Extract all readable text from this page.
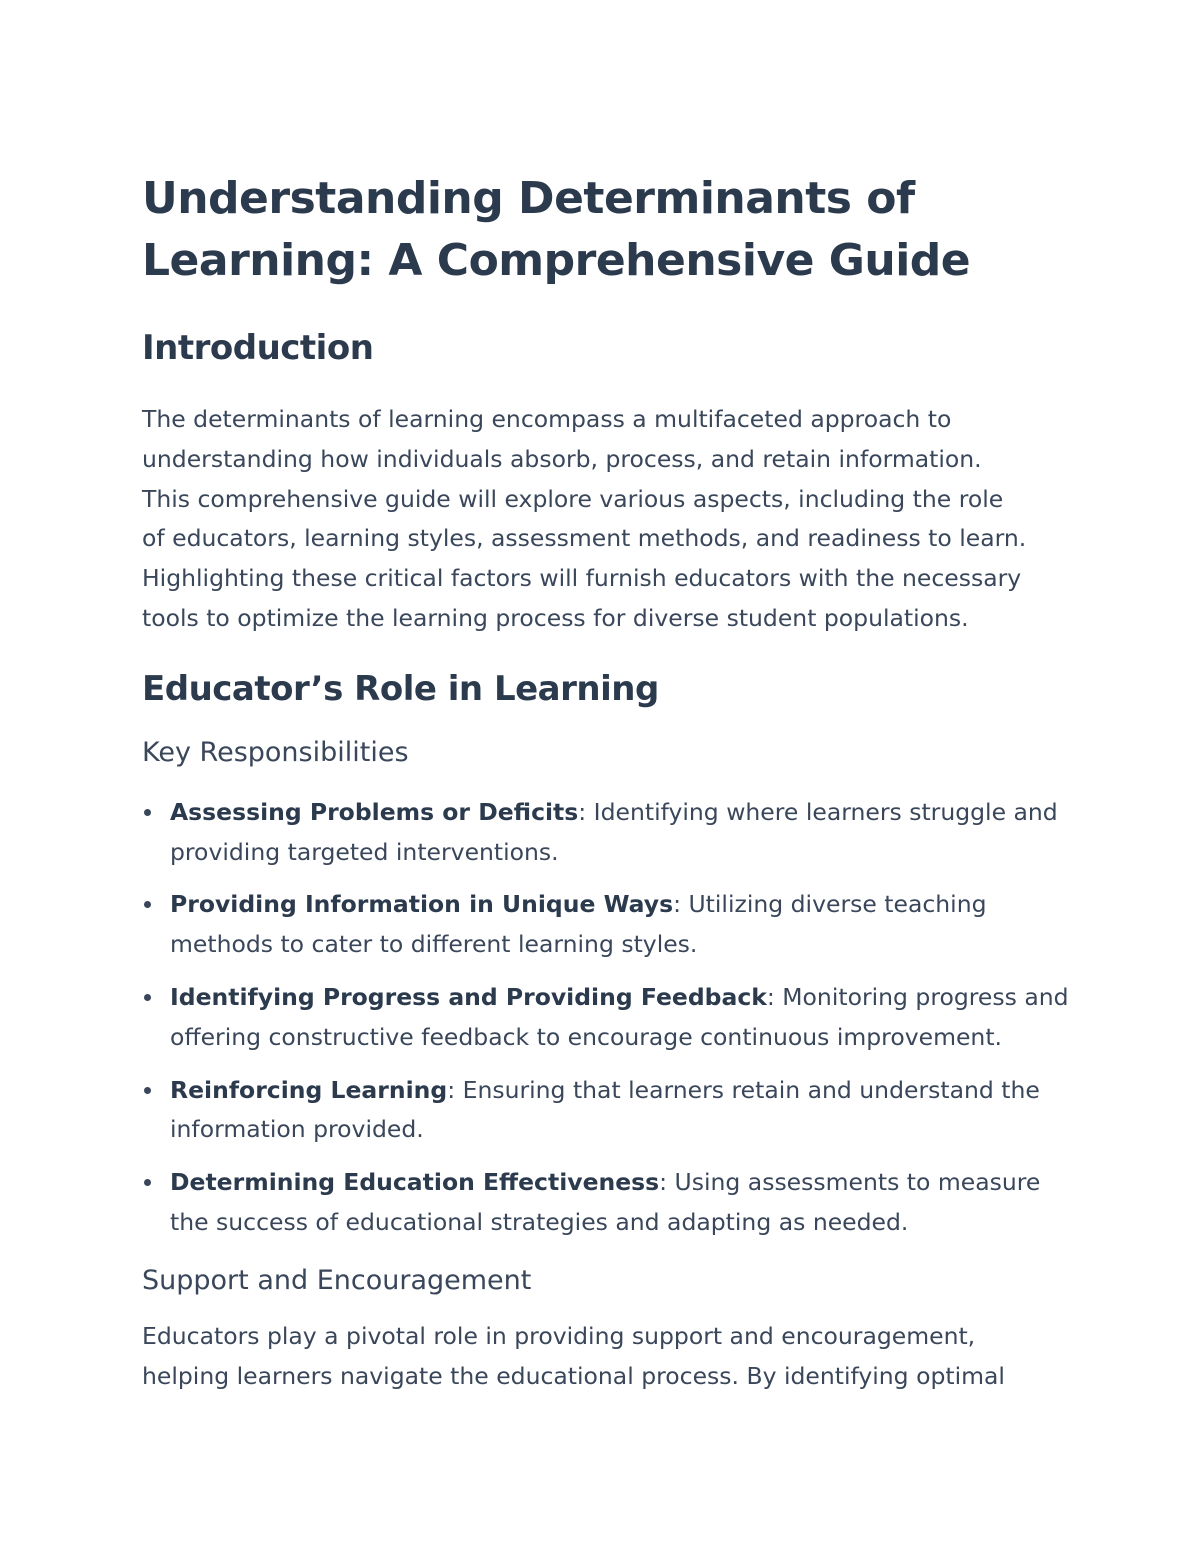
Understanding Determinants of
Learning: A Comprehensive Guide
Introduction

The determinants of learning encompass a multifaceted approach to
understanding how individuals absorb, process, and retain information.
This comprehensive guide will explore various aspects, including the role
of educators, learning styles, assessment methods, and readiness to learn.
Highlighting these critical factors will furnish educators with the necessary
tools to optimize the learning process for diverse student populations.

Educator’s Role in Learning
Key Responsibilities
Assessing Problems or Deficits: Identifying where learners struggle and
providing targeted interventions.
Providing Information in Unique Ways: Utilizing diverse teaching
methods to cater to different learning styles.
Identifying Progress and Providing Feedback: Monitoring progress and
offering constructive feedback to encourage continuous improvement.
Reinforcing Learning: Ensuring that learners retain and understand the
information provided.
Determining Education Effectiveness: Using assessments to measure
the success of educational strategies and adapting as needed.
Support and Encouragement

Educators play a pivotal role in providing support and encouragement,
helping learners navigate the educational process. By identifying optimal
